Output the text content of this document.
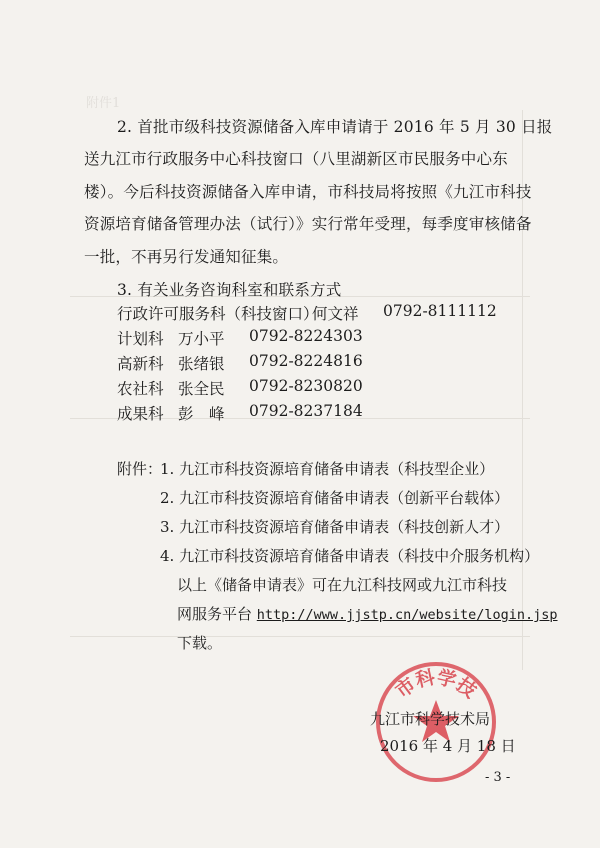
附件1
2. 首批市级科技资源储备入库申请请于 2016 年 5 月 30 日报
送九江市行政服务中心科技窗口（八里湖新区市民服务中心东
楼）。今后科技资源储备入库申请，市科技局将按照《九江市科技
资源培育储备管理办法（试行）》实行常年受理，每季度审核储备
一批，不再另行发通知征集。
3. 有关业务咨询科室和联系方式
行政许可服务科（科技窗口）
何文祥 0792-8111112
计划科 万小平 0792-8224303
高新科 张绪银 0792-8224816
农社科 张全民 0792-8230820
成果科 彭　峰 0792-8237184
附件：
1. 九江市科技资源培育储备申请表（科技型企业）
2. 九江市科技资源培育储备申请表（创新平台载体）
3. 九江市科技资源培育储备申请表（科技创新人才）
4. 九江市科技资源培育储备申请表（科技中介服务机构）
以上《储备申请表》可在九江科技网或九江市科技
网服务平台 http://www.jjstp.cn/website/login.jsp
下载。
市科学技
九江市科学技术局
2016 年 4 月 18 日
- 3 -
